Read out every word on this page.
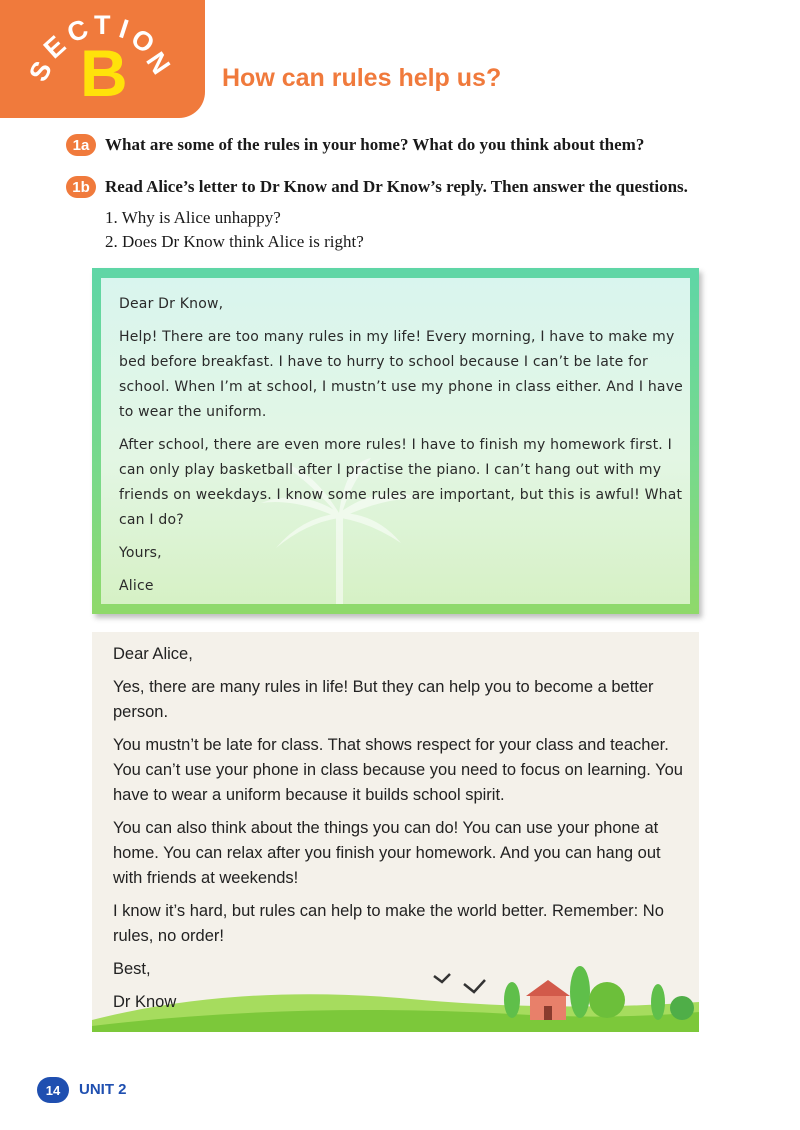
S
E
C T I
O
N
B	How can rules help us?
1a What are some of the rules in your home? What do you think about them?
1b Read Alice’s letter to Dr Know and Dr Know’s reply. Then answer the questions.
1. Why is Alice unhappy?
2. Does Dr Know think Alice is right?

Dear Dr Know,

Help! There are too many rules in my life! Every morning, I have to make my bed before breakfast. I have to hurry to school because I can’t be late for school. When I’m at school, I mustn’t use my phone in class either. And I have to wear the uniform.

After school, there are even more rules! I have to finish my homework first. I can only play basketball after I practise the piano. I can’t hang out with my friends on weekdays. I know some rules are important, but this is awful! What can I do?

Yours,

Alice

Dear Alice,

Yes, there are many rules in life! But they can help you to become a better person.

You mustn’t be late for class. That shows respect for your class and teacher. You can’t use your phone in class because you need to focus on learning. You have to wear a uniform because it builds school spirit.

You can also think about the things you can do! You can use your phone at home. You can relax after you finish your homework. And you can hang out with friends at weekends!

I know it’s hard, but rules can help to make the world better. Remember: No rules, no order!

Best,

Dr Know

14	UNIT 2
